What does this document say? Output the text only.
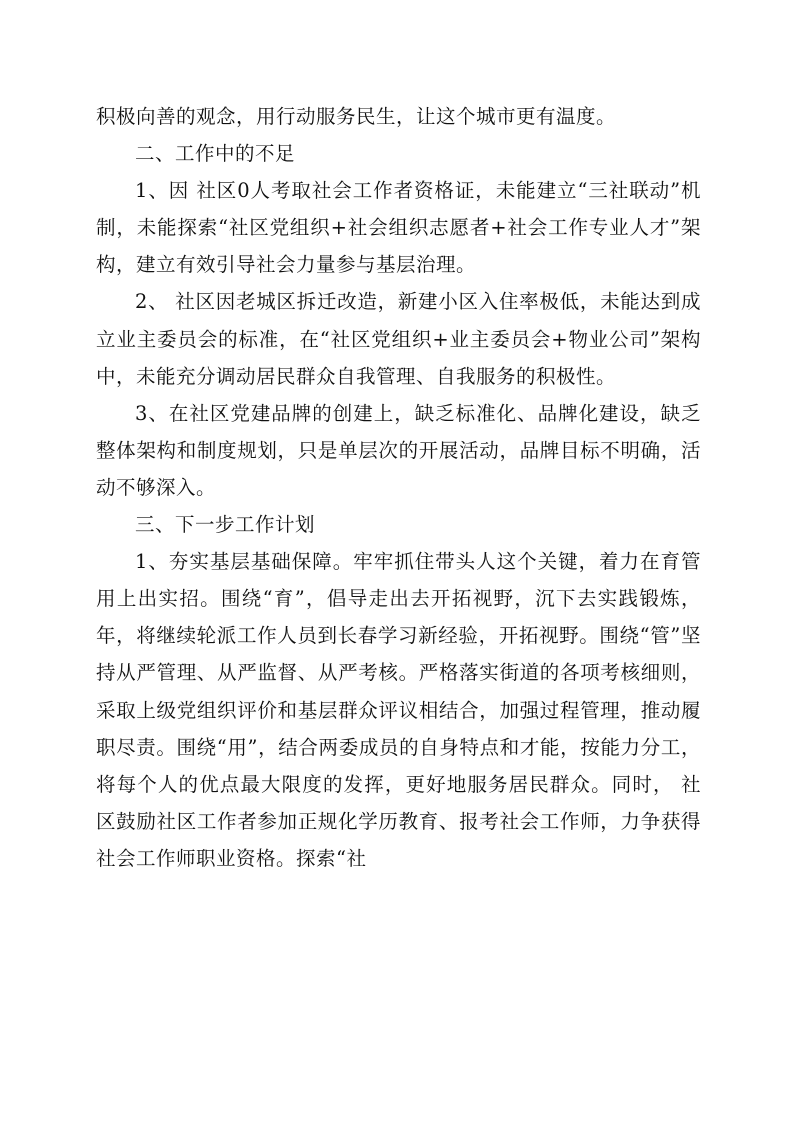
积极向善的观念，用行动服务民生，让这个城市更有温度。

二、工作中的不足

1、因 社区0人考取社会工作者资格证，未能建立“三社联动”机制，未能探索“社区党组织+社会组织志愿者+社会工作专业人才”架构，建立有效引导社会力量参与基层治理。

2、 社区因老城区拆迁改造，新建小区入住率极低，未能达到成立业主委员会的标准，在“社区党组织+业主委员会+物业公司”架构中，未能充分调动居民群众自我管理、自我服务的积极性。

3、在社区党建品牌的创建上，缺乏标准化、品牌化建设，缺乏整体架构和制度规划，只是单层次的开展活动，品牌目标不明确，活动不够深入。

三、下一步工作计划

1、夯实基层基础保障。牢牢抓住带头人这个关键，着力在育管用上出实招。围绕“育”，倡导走出去开拓视野，沉下去实践锻炼， 年，将继续轮派工作人员到长春学习新经验，开拓视野。围绕“管”坚持从严管理、从严监督、从严考核。严格落实街道的各项考核细则，采取上级党组织评价和基层群众评议相结合，加强过程管理，推动履职尽责。围绕“用”，结合两委成员的自身特点和才能，按能力分工，将每个人的优点最大限度的发挥，更好地服务居民群众。同时， 社区鼓励社区工作者参加正规化学历教育、报考社会工作师，力争获得社会工作师职业资格。探索“社
